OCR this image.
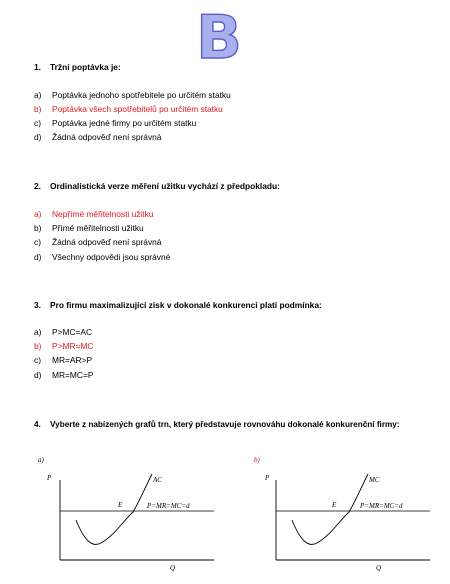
B
1. Tržní poptávka je:
a) Poptávka jednoho spotřebitele po určitém statku
b) Poptávka všech spotřebitelů po určitém statku
c) Poptávka jedné firmy po určitém statku
d) Žádná odpověď není správná
2. Ordinalistická verze měření užitku vychází z předpokladu:
a) Nepřímé měřitelnosti užitku
b) Přímé měřitelnosti užitku
c) Žádná odpověď není správná
d) Všechny odpovědi jsou správné
3. Pro firmu maximalizující zisk v dokonalé konkurenci platí podmínka:
a) P>MC=AC
b) P>MR=MC
c) MR=AR>P
d) MR=MC=P
4. Vyberte z nabízených grafů trn, který představuje rovnováhu dokonalé konkurenční firmy:
a)
P
Q
P=MR=MC=d
AC
E
b)
P
Q
P=MR=MC=d
MC
E
